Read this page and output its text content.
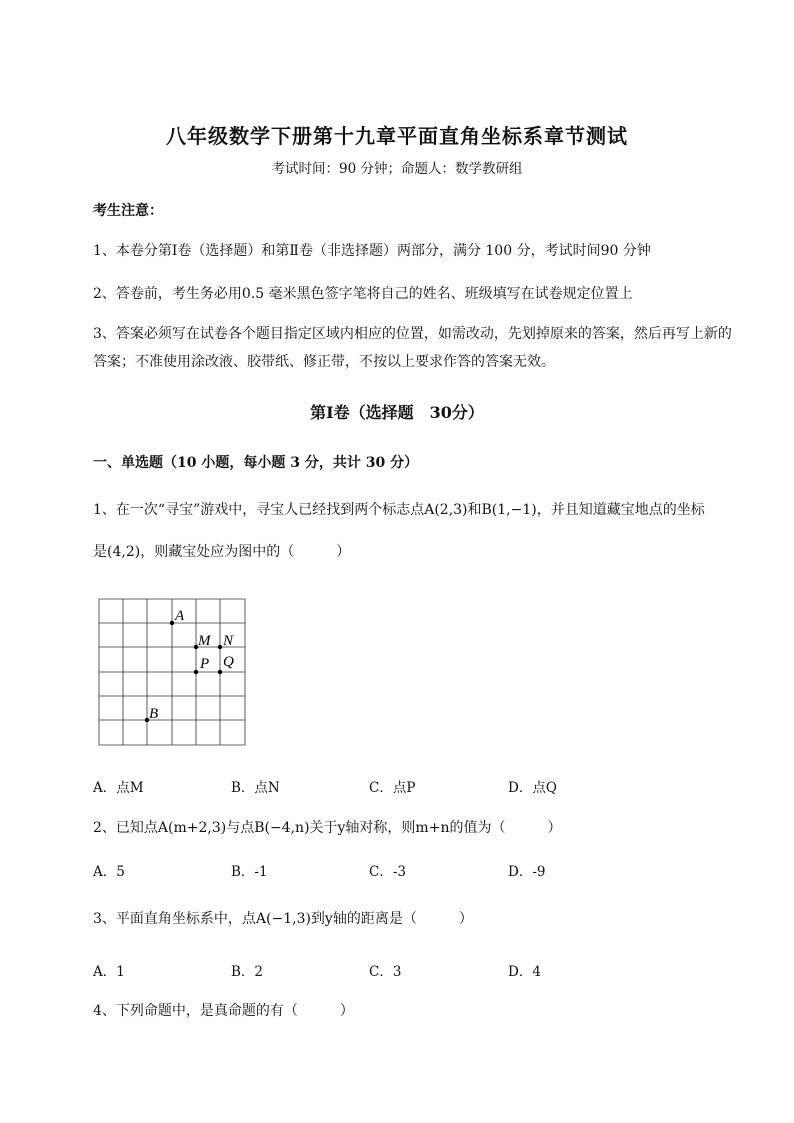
八年级数学下册第十九章平面直角坐标系章节测试
考试时间：90 分钟；命题人：数学教研组
考生注意：
1、本卷分第Ⅰ卷（选择题）和第Ⅱ卷（非选择题）两部分，满分 100 分，考试时间90 分钟
2、答卷前，考生务必用0.5 毫米黑色签字笔将自己的姓名、班级填写在试卷规定位置上
3、答案必须写在试卷各个题目指定区域内相应的位置，如需改动，先划掉原来的答案，然后再写上新的答案；不准使用涂改液、胶带纸、修正带，不按以上要求作答的答案无效。
第Ⅰ卷（选择题　30分）
一、单选题（10 小题，每小题 3 分，共计 30 分）
1、在一次“寻宝”游戏中，寻宝人已经找到两个标志点A(2,3)和B(1,−1)，并且知道藏宝地点的坐标
是(4,2)，则藏宝处应为图中的（　　　）
A
M N
P Q
B
A．点M	B．点N	C．点P	D．点Q
2、已知点A(m+2,3)与点B(−4,n)关于y轴对称，则m+n的值为（　　　）
A．5	B．-1	C．-3	D．-9
3、平面直角坐标系中，点A(−1,3)到y轴的距离是（　　　）
A．1	B．2	C．3	D．4
4、下列命题中，是真命题的有（　　　）
